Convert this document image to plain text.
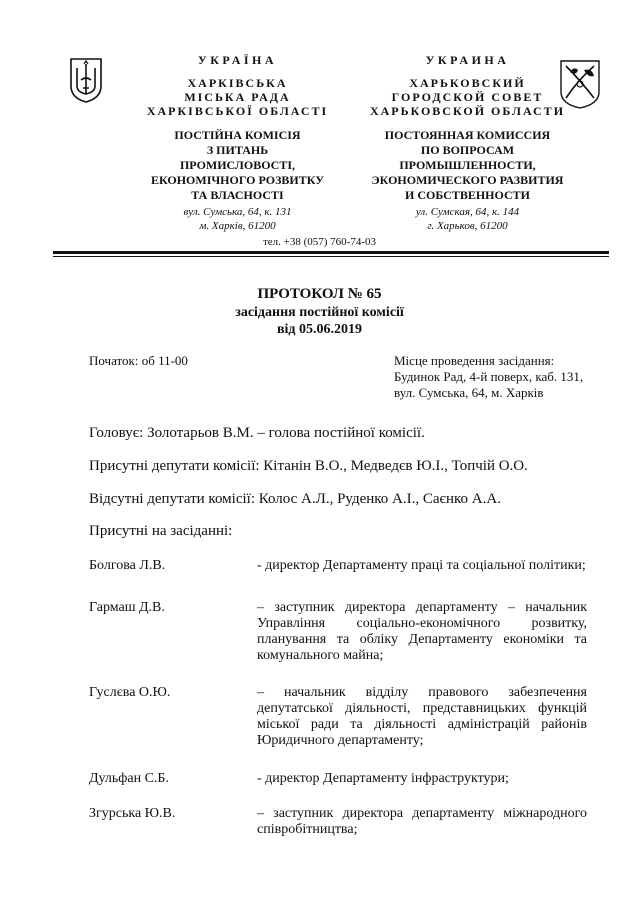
УКРАЇНА
ХАРКІВСЬКА
МІСЬКА РАДА
ХАРКІВСЬКОЇ ОБЛАСТІ
ПОСТІЙНА КОМІСІЯ
З ПИТАНЬ
ПРОМИСЛОВОСТІ,
ЕКОНОМІЧНОГО РОЗВИТКУ
ТА ВЛАСНОСТІ
вул. Сумська, 64, к. 131
м. Харків, 61200
УКРАИНА
ХАРЬКОВСКИЙ
ГОРОДСКОЙ СОВЕТ
ХАРЬКОВСКОЙ ОБЛАСТИ
ПОСТОЯННАЯ КОМИССИЯ
ПО ВОПРОСАМ
ПРОМЫШЛЕННОСТИ,
ЭКОНОМИЧЕСКОГО РАЗВИТИЯ
И СОБСТВЕННОСТИ
ул. Сумская, 64, к. 144
г. Харьков, 61200
тел. +38 (057) 760-74-03
ПРОТОКОЛ № 65
засідання постійної комісії
від 05.06.2019
Початок: об 11-00	Місце проведення засідання:
Будинок Рад, 4-й поверх, каб. 131,
вул. Сумська, 64, м. Харків
Головує: Золотарьов В.М. – голова постійної комісії.
Присутні депутати комісії: Кітанін В.О., Медведєв Ю.І., Топчій О.О.
Відсутні депутати комісії: Колос А.Л., Руденко А.І., Саєнко А.А.
Присутні на засіданні:
Болгова Л.В.	- директор Департаменту праці та соціальної політики;
Гармаш Д.В.	– заступник директора департаменту – начальник Управління соціально-економічного розвитку, планування та обліку Департаменту економіки та комунального майна;
Гуслєва О.Ю.	– начальник відділу правового забезпечення депутатської діяльності, представницьких функцій міської ради та діяльності адміністрацій районів Юридичного департаменту;
Дульфан С.Б.	- директор Департаменту інфраструктури;
Згурська Ю.В.	– заступник директора департаменту міжнародного співробітництва;
